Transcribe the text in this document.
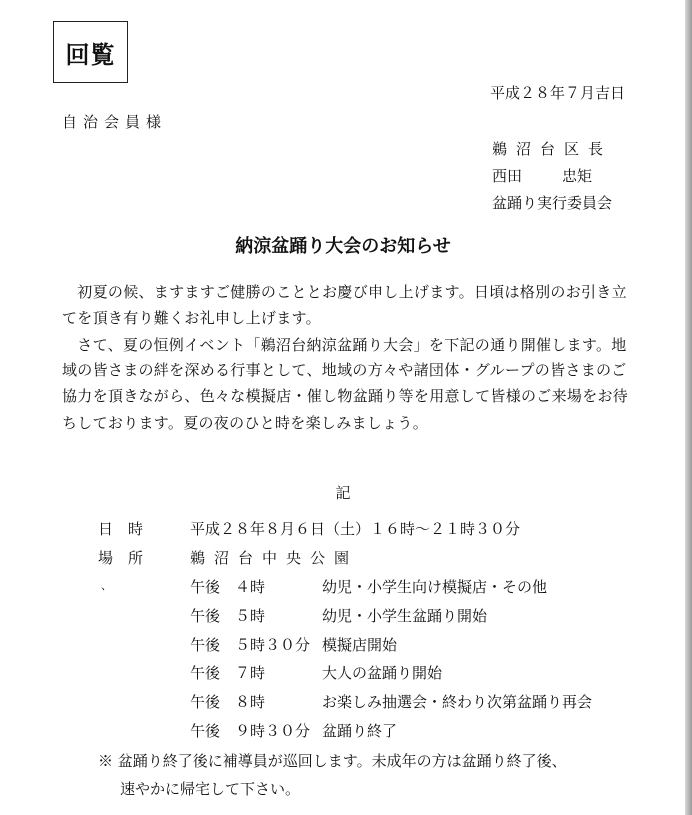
回覧
平成２８年７月吉日
自治会員様
鵜沼台区長
西田	忠矩
盆踊り実行委員会
納涼盆踊り大会のお知らせ
　初夏の候、ますますご健勝のこととお慶び申し上げます。日頃は格別のお引き立
てを頂き有り難くお礼申し上げます。
　さて、夏の恒例イベント「鵜沼台納涼盆踊り大会」を下記の通り開催します。地
域の皆さまの絆を深める行事として、地域の方々や諸団体・グループの皆さまのご
協力を頂きながら、色々な模擬店・催し物盆踊り等を用意して皆様のご来場をお待
ちしております。夏の夜のひと時を楽しみましょう。
記
日　時	平成２８年８月６日（土）１６時～２１時３０分
場　所	鵜沼台中央公園
、	午後　４時	幼児・小学生向け模擬店・その他
午後　５時	幼児・小学生盆踊り開始
午後　５時３０分 模擬店開始
午後　７時	大人の盆踊り開始
午後　８時	お楽しみ抽選会・終わり次第盆踊り再会
午後　９時３０分 盆踊り終了
※ 盆踊り終了後に補導員が巡回します。未成年の方は盆踊り終了後、
速やかに帰宅して下さい。
